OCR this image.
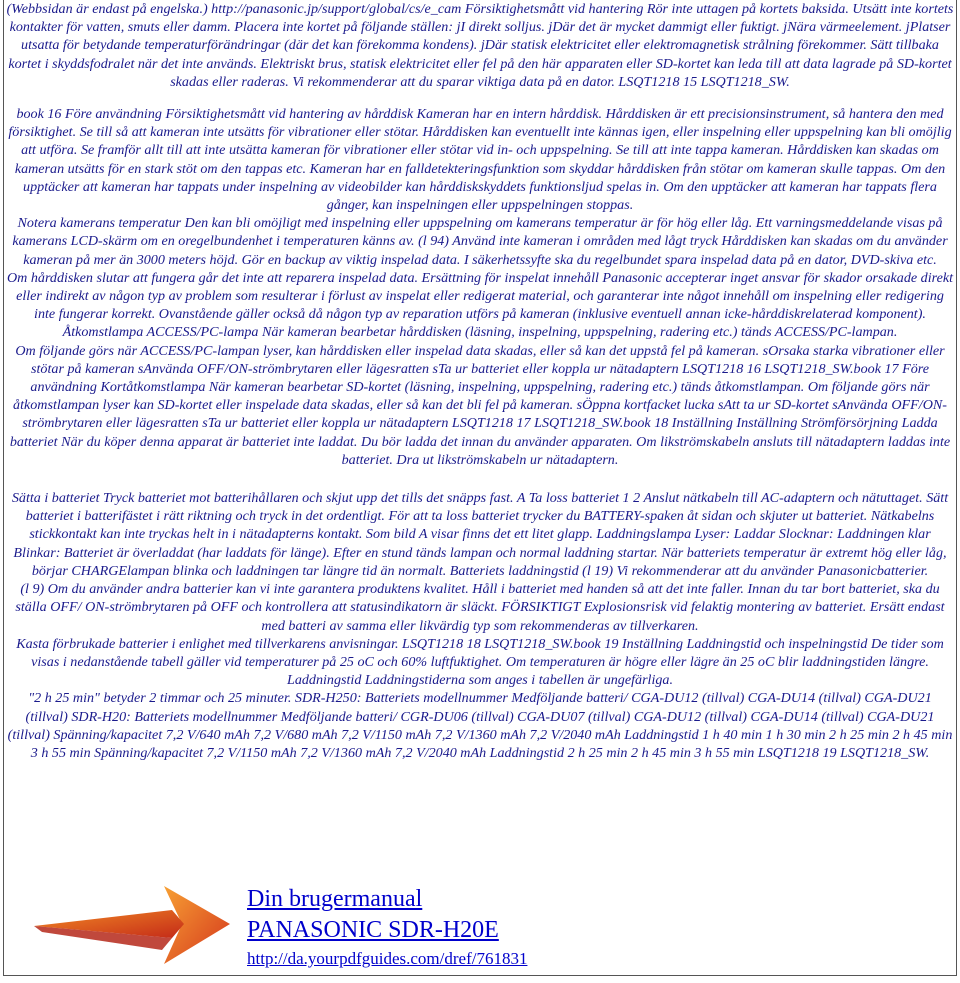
(Webbsidan är endast på engelska.) http://panasonic.jp/support/global/cs/e_cam Försiktighetsmått vid hantering Rör inte uttagen på kortets baksida. Utsätt inte kortets kontakter för vatten, smuts eller damm. Placera inte kortet på följande ställen: jI direkt solljus. jDär det är mycket dammigt eller fuktigt. jNära värmeelement. jPlatser utsatta för betydande temperaturförändringar (där det kan förekomma kondens). jDär statisk elektricitet eller elektromagnetisk strålning förekommer. Sätt tillbaka kortet i skyddsfodralet när det inte används. Elektriskt brus, statisk elektricitet eller fel på den här apparaten eller SD-kortet kan leda till att data lagrade på SD-kortet skadas eller raderas. Vi rekommenderar att du sparar viktiga data på en dator. LSQT1218 15 LSQT1218_SW.

book 16 Före användning Försiktighetsmått vid hantering av hårddisk Kameran har en intern hårddisk. Hårddisken är ett precisionsinstrument, så hantera den med försiktighet. Se till så att kameran inte utsätts för vibrationer eller stötar. Hårddisken kan eventuellt inte kännas igen, eller inspelning eller uppspelning kan bli omöjlig att utföra. Se framför allt till att inte utsätta kameran för vibrationer eller stötar vid in- och uppspelning. Se till att inte tappa kameran. Hårddisken kan skadas om kameran utsätts för en stark stöt om den tappas etc. Kameran har en falldetekteringsfunktion som skyddar hårddisken från stötar om kameran skulle tappas. Om den upptäcker att kameran har tappats under inspelning av videobilder kan hårddiskskyddets funktionsljud spelas in. Om den upptäcker att kameran har tappats flera gånger, kan inspelningen eller uppspelningen stoppas.

Notera kamerans temperatur Den kan bli omöjligt med inspelning eller uppspelning om kamerans temperatur är för hög eller låg. Ett varningsmeddelande visas på kamerans LCD-skärm om en oregelbundenhet i temperaturen känns av. (l 94) Använd inte kameran i områden med lågt tryck Hårddisken kan skadas om du använder kameran på mer än 3000 meters höjd. Gör en backup av viktig inspelad data. I säkerhetssyfte ska du regelbundet spara inspelad data på en dator, DVD-skiva etc.

Om hårddisken slutar att fungera går det inte att reparera inspelad data. Ersättning för inspelat innehåll Panasonic accepterar inget ansvar för skador orsakade direkt eller indirekt av någon typ av problem som resulterar i förlust av inspelat eller redigerat material, och garanterar inte något innehåll om inspelning eller redigering inte fungerar korrekt. Ovanstående gäller också då någon typ av reparation utförs på kameran (inklusive eventuell annan icke-hårddiskrelaterad komponent). Åtkomstlampa ACCESS/PC-lampa När kameran bearbetar hårddisken (läsning, inspelning, uppspelning, radering etc.) tänds ACCESS/PC-lampan.

Om följande görs när ACCESS/PC-lampan lyser, kan hårddisken eller inspelad data skadas, eller så kan det uppstå fel på kameran. sOrsaka starka vibrationer eller stötar på kameran sAnvända OFF/ON-strömbrytaren eller lägesratten sTa ur batteriet eller koppla ur nätadaptern LSQT1218 16 LSQT1218_SW.book 17 Före användning Kortåtkomstlampa När kameran bearbetar SD-kortet (läsning, inspelning, uppspelning, radering etc.) tänds åtkomstlampan. Om följande görs när åtkomstlampan lyser kan SD-kortet eller inspelade data skadas, eller så kan det bli fel på kameran. sÖppna kortfacket lucka sAtt ta ur SD-kortet sAnvända OFF/ON-strömbrytaren eller lägesratten sTa ur batteriet eller koppla ur nätadaptern LSQT1218 17 LSQT1218_SW.book 18 Inställning Inställning Strömförsörjning Ladda batteriet När du köper denna apparat är batteriet inte laddat. Du bör ladda det innan du använder apparaten. Om likströmskabeln ansluts till nätadaptern laddas inte batteriet. Dra ut likströmskabeln ur nätadaptern.

Sätta i batteriet Tryck batteriet mot batterihållaren och skjut upp det tills det snäpps fast. A Ta loss batteriet 1 2 Anslut nätkabeln till AC-adaptern och nätuttaget. Sätt batteriet i batterifästet i rätt riktning och tryck in det ordentligt. För att ta loss batteriet trycker du BATTERY-spaken åt sidan och skjuter ut batteriet. Nätkabelns stickkontakt kan inte tryckas helt in i nätadapterns kontakt. Som bild A visar finns det ett litet glapp. Laddningslampa Lyser: Laddar Slocknar: Laddningen klar Blinkar: Batteriet är överladdat (har laddats för länge). Efter en stund tänds lampan och normal laddning startar. När batteriets temperatur är extremt hög eller låg, börjar CHARGElampan blinka och laddningen tar längre tid än normalt. Batteriets laddningstid (l 19) Vi rekommenderar att du använder Panasonicbatterier.

(l 9) Om du använder andra batterier kan vi inte garantera produktens kvalitet. Håll i batteriet med handen så att det inte faller. Innan du tar bort batteriet, ska du ställa OFF/ ON-strömbrytaren på OFF och kontrollera att statusindikatorn är släckt. FÖRSIKTIGT Explosionsrisk vid felaktig montering av batteriet. Ersätt endast med batteri av samma eller likvärdig typ som rekommenderas av tillverkaren.

Kasta förbrukade batterier i enlighet med tillverkarens anvisningar. LSQT1218 18 LSQT1218_SW.book 19 Inställning Laddningstid och inspelningstid De tider som visas i nedanstående tabell gäller vid temperaturer på 25 oC och 60% luftfuktighet. Om temperaturen är högre eller lägre än 25 oC blir laddningstiden längre. Laddningstid Laddningstiderna som anges i tabellen är ungefärliga.

"2 h 25 min" betyder 2 timmar och 25 minuter. SDR-H250: Batteriets modellnummer Medföljande batteri/ CGA-DU12 (tillval) CGA-DU14 (tillval) CGA-DU21 (tillval) SDR-H20: Batteriets modellnummer Medföljande batteri/ CGR-DU06 (tillval) CGA-DU07 (tillval) CGA-DU12 (tillval) CGA-DU14 (tillval) CGA-DU21 (tillval) Spänning/kapacitet 7,2 V/640 mAh 7,2 V/680 mAh 7,2 V/1150 mAh 7,2 V/1360 mAh 7,2 V/2040 mAh Laddningstid 1 h 40 min 1 h 30 min 2 h 25 min 2 h 45 min 3 h 55 min Spänning/kapacitet 7,2 V/1150 mAh 7,2 V/1360 mAh 7,2 V/2040 mAh Laddningstid 2 h 25 min 2 h 45 min 3 h 55 min LSQT1218 19 LSQT1218_SW.

Din brugermanual
PANASONIC SDR-H20E
http://da.yourpdfguides.com/dref/761831
